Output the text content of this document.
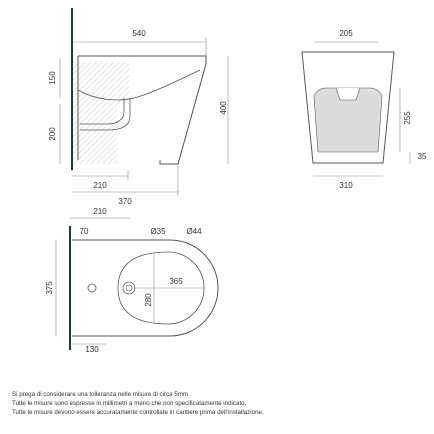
540
150
200
400
210
370
205
255
35
310
210
70	Ø35	Ø44
375	365
280
130
Si prega di considerare una tolleranza nelle misure di circa 5mm.
Tutte le misure sono espresse in millimetri a meno che non specificatamente indicato.
Tutte le misure devono essere accuratamente controllate in cantiere prima dell'installazione.
